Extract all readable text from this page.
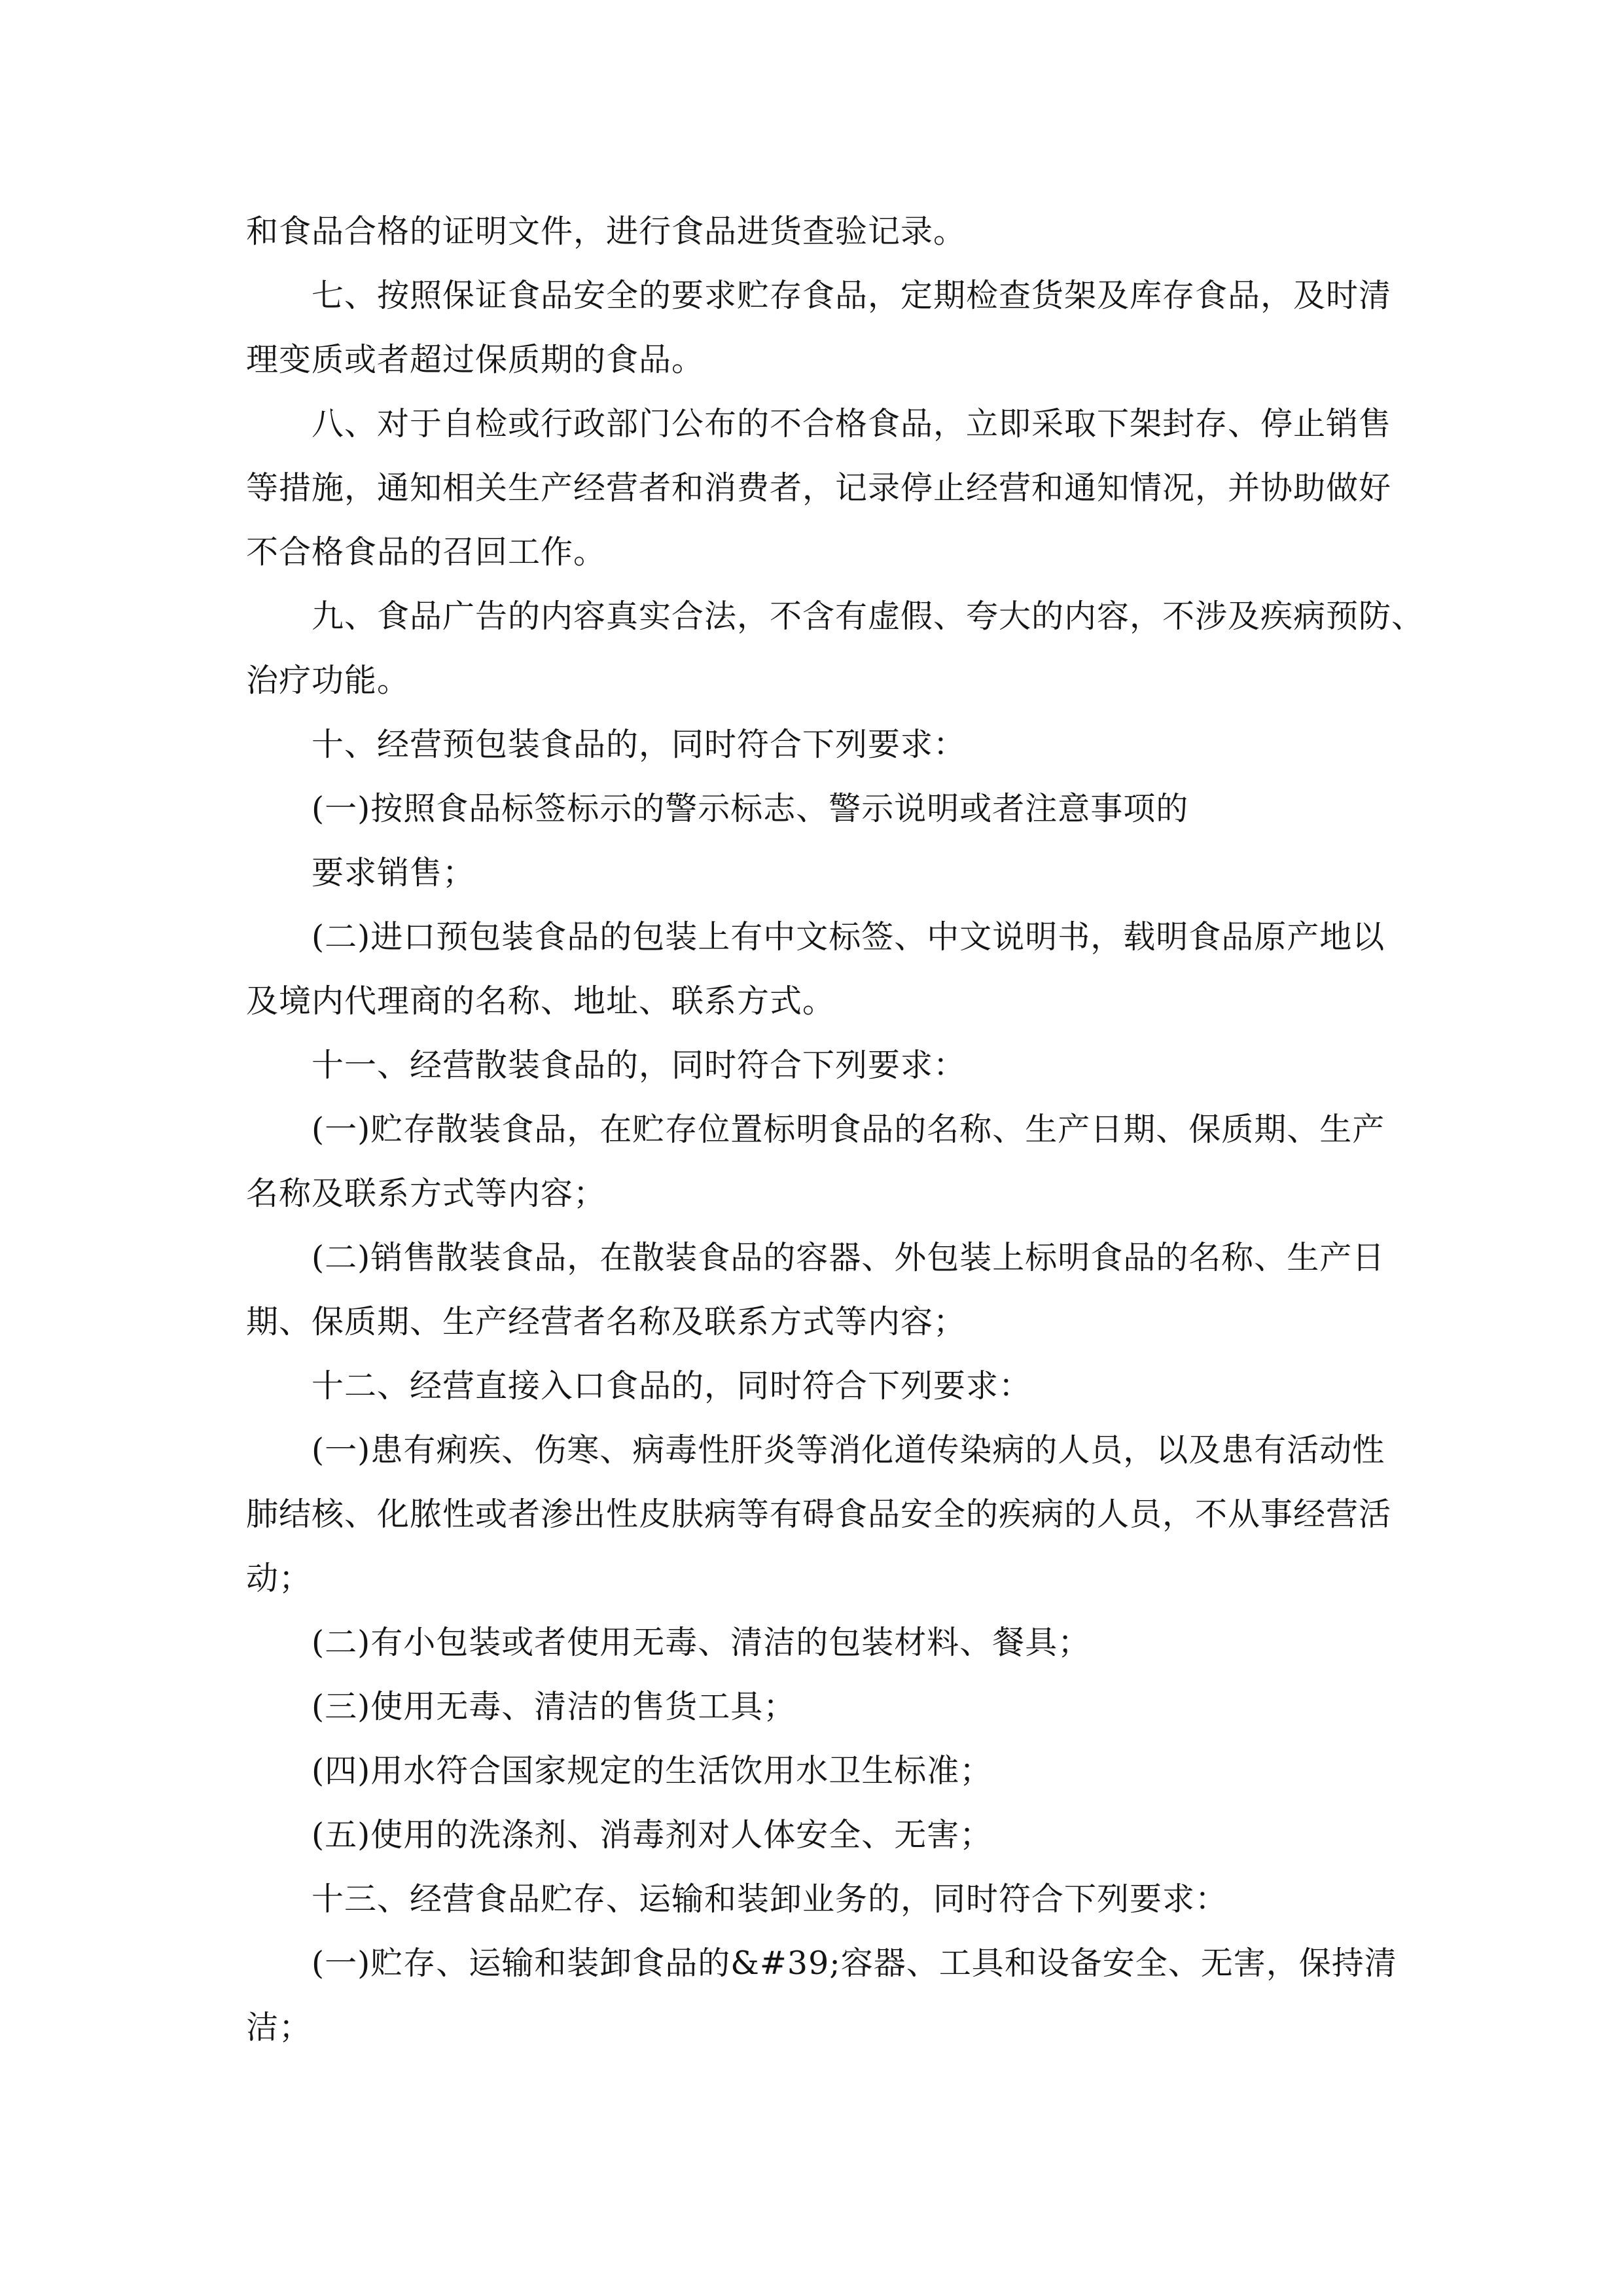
和食品合格的证明文件，进行食品进货查验记录。
七、按照保证食品安全的要求贮存食品，定期检查货架及库存食品，及时清
理变质或者超过保质期的食品。
八、对于自检或行政部门公布的不合格食品，立即采取下架封存、停止销售
等措施，通知相关生产经营者和消费者，记录停止经营和通知情况，并协助做好
不合格食品的召回工作。
九、食品广告的内容真实合法，不含有虚假、夸大的内容，不涉及疾病预防、
治疗功能。
十、经营预包装食品的，同时符合下列要求：
(一)按照食品标签标示的警示标志、警示说明或者注意事项的
要求销售；
(二)进口预包装食品的包装上有中文标签、中文说明书，载明食品原产地以
及境内代理商的名称、地址、联系方式。
十一、经营散装食品的，同时符合下列要求：
(一)贮存散装食品，在贮存位置标明食品的名称、生产日期、保质期、生产
名称及联系方式等内容；
(二)销售散装食品，在散装食品的容器、外包装上标明食品的名称、生产日
期、保质期、生产经营者名称及联系方式等内容；
十二、经营直接入口食品的，同时符合下列要求：
(一)患有痢疾、伤寒、病毒性肝炎等消化道传染病的人员，以及患有活动性
肺结核、化脓性或者渗出性皮肤病等有碍食品安全的疾病的人员，不从事经营活
动；
(二)有小包装或者使用无毒、清洁的包装材料、餐具；
(三)使用无毒、清洁的售货工具；
(四)用水符合国家规定的生活饮用水卫生标准；
(五)使用的洗涤剂、消毒剂对人体安全、无害；
十三、经营食品贮存、运输和装卸业务的，同时符合下列要求：
(一)贮存、运输和装卸食品的&#39;容器、工具和设备安全、无害，保持清
洁；
